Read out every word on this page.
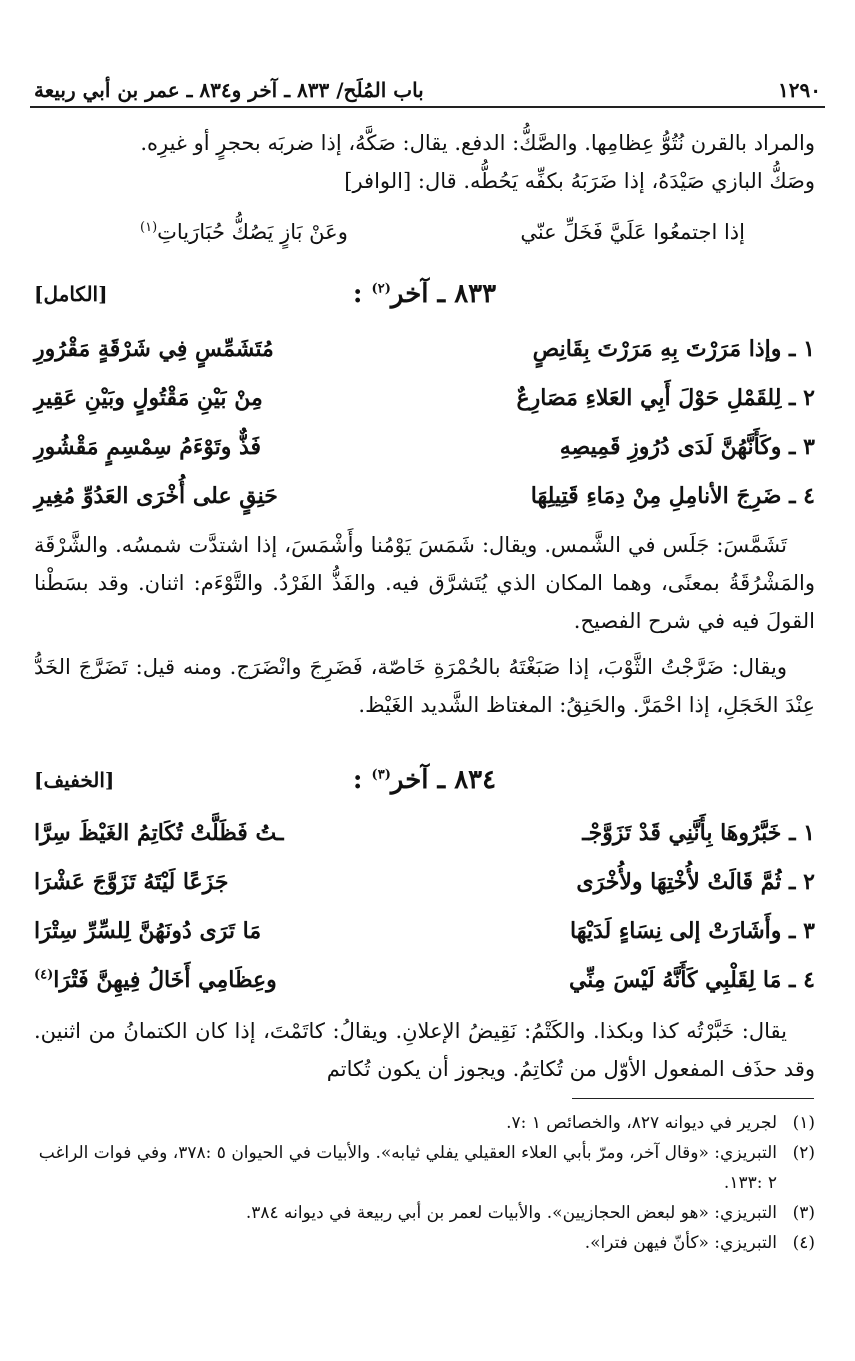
١٢٩٠
باب المُلَح/ ٨٣٣ ـ آخر و٨٣٤ ـ عمر بن أبي ربيعة

والمراد بالقرن نُتُوُّ عِظامِها. والصَّكُّ: الدفع. يقال: صَكَّهُ، إذا ضربَه بحجرٍ أو غيرِه.

وصَكُّ البازي صَيْدَهُ، إذا ضَرَبَهُ بكفِّه يَحُطُّه. قال: [الوافر]

إذا اجتمعُوا عَلَيَّ فَخَلِّ عنّي
وعَنْ بَازٍ يَصُكُّ حُبَارَياتِ$^{(١)}$
٨٣٣ ـ آخر$^{(٢)}$ :
[الكامل]
١ ـ وإذا مَرَرْتَ بِهِ مَرَرْتَ بِقَانِصٍ
مُتَشَمِّسٍ فِي شَرْقَةٍ مَقْرُورِ
٢ ـ لِلقَمْلِ حَوْلَ أَبِي العَلاءِ مَصَارِعٌ
مِنْ بَيْنِ مَقْتُولٍ وبَيْنِ عَقِيرِ
٣ ـ وكَأَنَّهُنَّ لَدَى دُرُوزِ قَمِيصِهِ
فَذٌّ وتَوْءَمُ سِمْسِمٍ مَقْشُورِ
٤ ـ ضَرِجَ الأنامِلِ مِنْ دِمَاءِ قَتِيلِهَا
حَنِقٍ على أُخْرَى العَدُوِّ مُغِيرِ

تَشَمَّسَ: جَلَس في الشَّمس. ويقال: شَمَسَ يَوْمُنا وأَشْمَسَ، إذا اشتدَّت شمسُه. والشَّرْقَة والمَشْرُقَةُ بمعنًى، وهما المكان الذي يُتَشرَّق فيه. والفَذُّ الفَرْدُ. والتَّوْءَم: اثنان. وقد بسَطْنا القولَ فيه في شرح الفصيح.

ويقال: ضَرَّجْتُ الثَّوْبَ، إذا صَبَغْتَهُ بالحُمْرَةِ خَاصّة، فَضَرِجَ وانْضَرَج. ومنه قيل: تَضَرَّجَ الخَدُّ عِنْدَ الخَجَلِ، إذا احْمَرَّ. والحَنِقُ: المغتاظ الشَّديد الغَيْظ.

٨٣٤ ـ آخر$^{(٣)}$ :
[الخفيف]
١ ـ خَبَّرُوهَا بِأَنَّنِي قَدْ تَزَوَّجْـ
ـتُ فَظَلَّتْ تُكَاتِمُ الغَيْظَ سِرَّا
٢ ـ ثُمَّ قَالَتْ لأُخْتِهَا ولأُخْرَى
جَزَعًا لَيْتَهُ تَزَوَّجَ عَشْرَا
٣ ـ وأَشَارَتْ إلى نِسَاءٍ لَدَيْهَا
مَا تَرَى دُونَهُنَّ لِلسِّرِّ سِتْرَا
٤ ـ مَا لِقَلْبِي كَأَنَّهُ لَيْسَ مِنِّي
وعِظَامِي أَخَالُ فِيهِنَّ فَتْرَا$^{(٤)}$

يقال: خَبَّرْتُه كذا وبكذا. والكَتْمُ: نَقِيضُ الإعلانِ. ويقالُ: كاتَمْتَ، إذا كان الكتمانُ من اثنين. وقد حذَف المفعول الأوّل من تُكاتِمُ. ويجوز أن يكون تُكاتم

(١)
لجرير في ديوانه ٨٢٧، والخصائص ١ :٧.
(٢)
التبريزي: «وقال آخر، ومرّ بأبي العلاء العقيلي يفلي ثيابه». والأبيات في الحيوان ٥ :٣٧٨، وفي فوات الراغب ٢ :١٣٣.
(٣)
التبريزي: «هو لبعض الحجازيين». والأبيات لعمر بن أبي ربيعة في ديوانه ٣٨٤.
(٤)
التبريزي: «كأنّ فيهن فترا».
